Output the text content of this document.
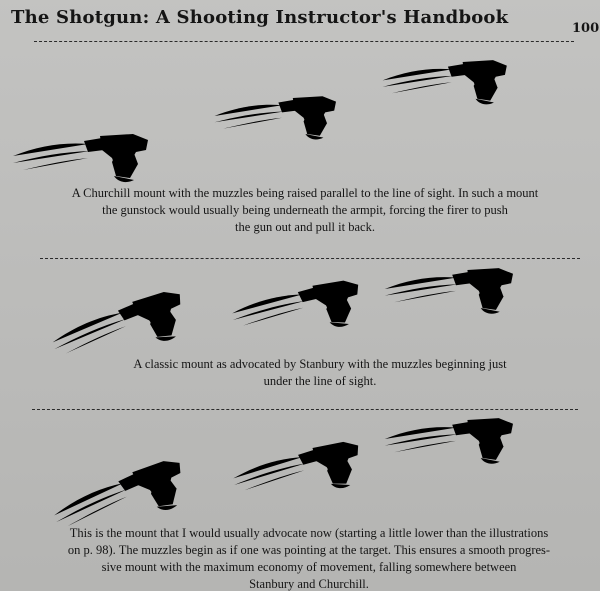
The Shotgun: A Shooting Instructor's Handbook
100
A Churchill mount with the muzzles being raised parallel to the line of sight. In such a mount
the gunstock would usually being underneath the armpit, forcing the firer to push
the gun out and pull it back.
A classic mount as advocated by Stanbury with the muzzles beginning just
under the line of sight.
This is the mount that I would usually advocate now (starting a little lower than the illustrations
on p. 98). The muzzles begin as if one was pointing at the target. This ensures a smooth progres-
sive mount with the maximum economy of movement, falling somewhere between
Stanbury and Churchill.
